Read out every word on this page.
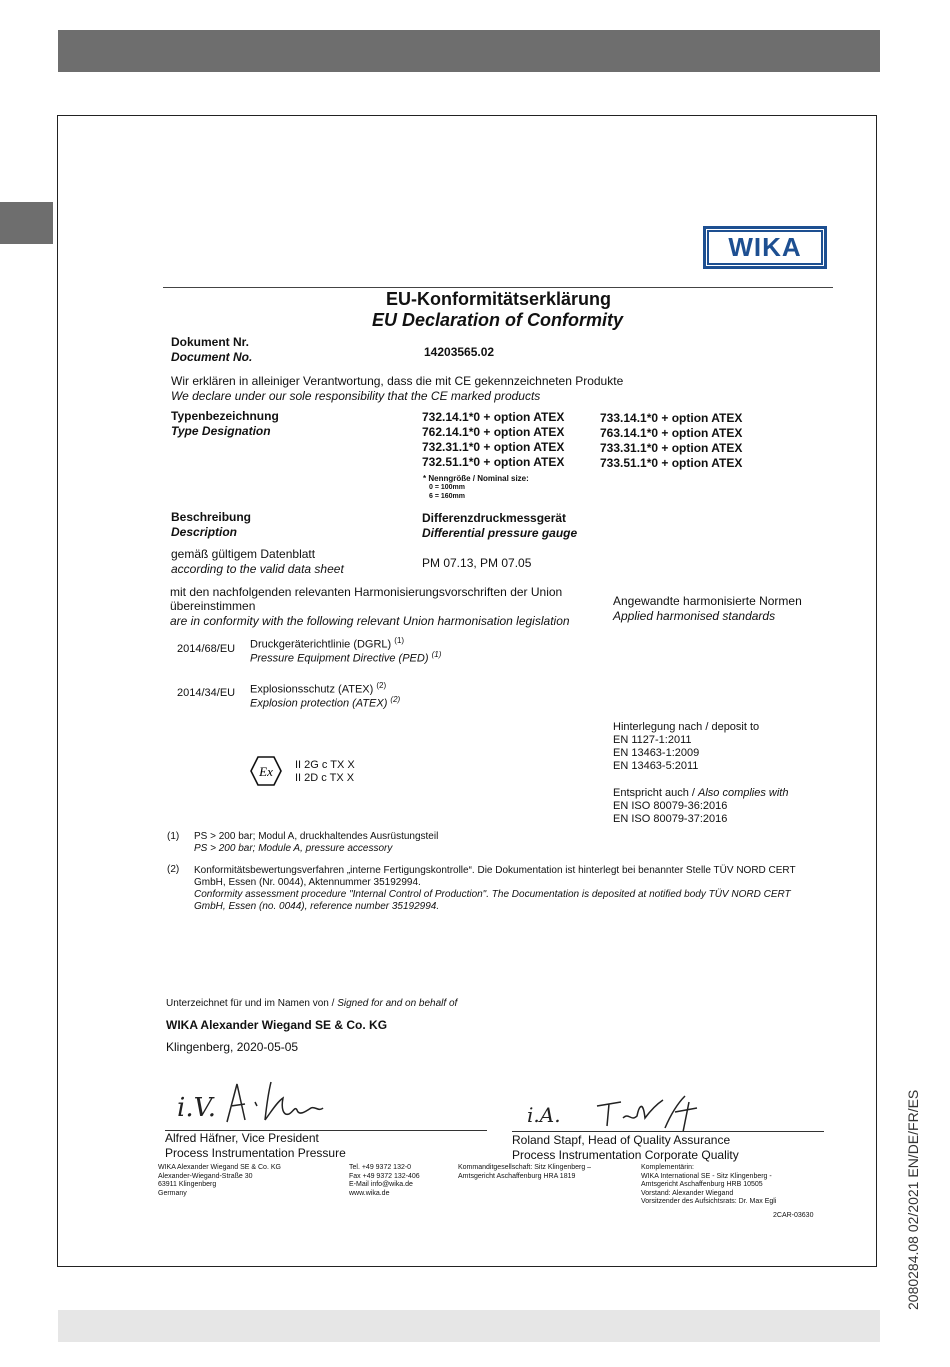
2080284.08 02/2021 EN/DE/FR/ES
WIKA
EU-Konformitätserklärung
EU Declaration of Conformity
Dokument Nr.
Document No.	14203565.02
Wir erklären in alleiniger Verantwortung, dass die mit CE gekennzeichneten Produkte
We declare under our sole responsibility that the CE marked products
Typenbezeichnung
Type Designation
732.14.1*0 + option ATEX
762.14.1*0 + option ATEX
732.31.1*0 + option ATEX
732.51.1*0 + option ATEX
733.14.1*0 + option ATEX
763.14.1*0 + option ATEX
733.31.1*0 + option ATEX
733.51.1*0 + option ATEX
* Nenngröße / Nominal size:
0 = 100mm
6 = 160mm
Beschreibung
Description
Differenzdruckmessgerät
Differential pressure gauge
gemäß gültigem Datenblatt
according to the valid data sheet	PM 07.13, PM 07.05
mit den nachfolgenden relevanten Harmonisierungsvorschriften der Union
übereinstimmen
are in conformity with the following relevant Union harmonisation legislation
Angewandte harmonisierte Normen
Applied harmonised standards
2014/68/EU Druckgeräterichtlinie (DGRL) $^{(1)}$
Pressure Equipment Directive (PED) $^{(1)}$
2014/34/EU Explosionsschutz (ATEX) $^{(2)}$
Explosion protection (ATEX) $^{(2)}$
Ex II 2G c TX X
II 2D c TX X
Hinterlegung nach / deposit to
EN 1127-1:2011
EN 13463-1:2009
EN 13463-5:2011
Entspricht auch / Also complies with
EN ISO 80079-36:2016
EN ISO 80079-37:2016
(1) PS > 200 bar; Modul A, druckhaltendes Ausrüstungsteil
PS > 200 bar; Module A, pressure accessory
(2) Konformitätsbewertungsverfahren „interne Fertigungskontrolle“. Die Dokumentation ist hinterlegt bei benannter Stelle TÜV NORD CERT
GmbH, Essen (Nr. 0044), Aktennummer 35192994.
Conformity assessment procedure "Internal Control of Production". The Documentation is deposited at notified body TÜV NORD CERT
GmbH, Essen (no. 0044), reference number 35192994.
Unterzeichnet für und im Namen von / Signed for and on behalf of
WIKA Alexander Wiegand SE & Co. KG
Klingenberg, 2020-05-05
i.V.
Alfred Häfner, Vice President
Process Instrumentation Pressure
i.A.
Roland Stapf, Head of Quality Assurance
Process Instrumentation Corporate Quality
WIKA Alexander Wiegand SE & Co. KG
Alexander-Wiegand-Straße 30
63911 Klingenberg
Germany
Tel. +49 9372 132-0
Fax +49 9372 132-406
E-Mail info@wika.de
www.wika.de
Kommanditgesellschaft: Sitz Klingenberg –
Amtsgericht Aschaffenburg HRA 1819
Komplementärin:
WIKA International SE - Sitz Klingenberg -
Amtsgericht Aschaffenburg HRB 10505
Vorstand: Alexander Wiegand
Vorsitzender des Aufsichtsrats: Dr. Max Egli
2CAR-03630
